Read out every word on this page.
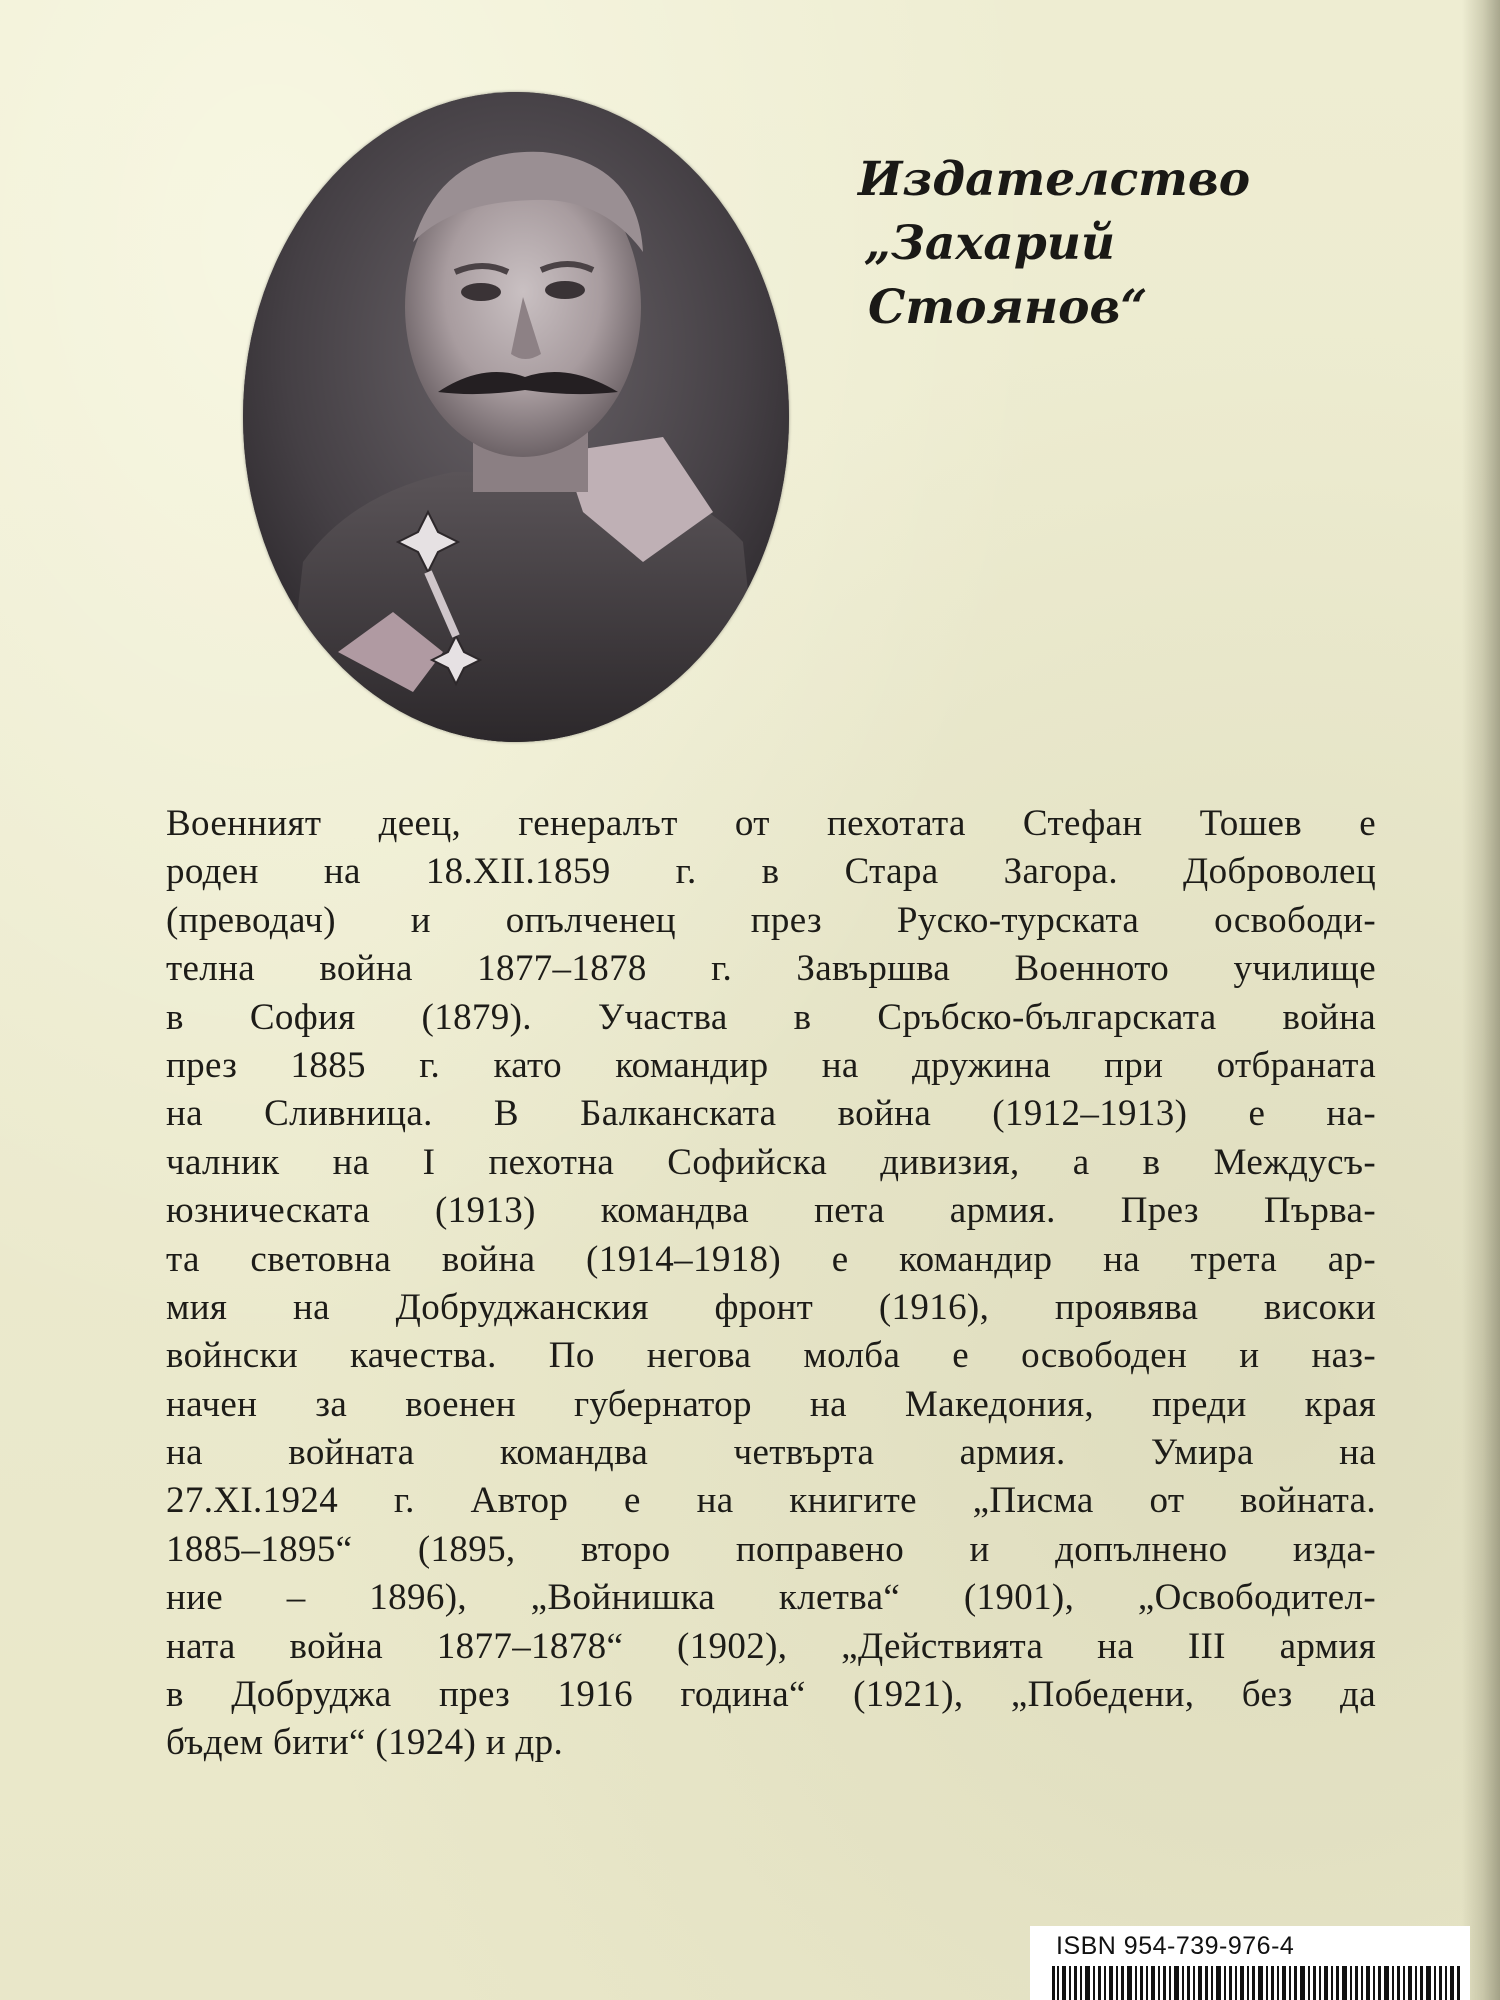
Издателство
„Захарий
Стоянов“
Военният деец, генералът от пехотата Стефан Тошев е
роден на 18.XII.1859 г. в Стара Загора. Доброволец
(преводач) и опълченец през Руско-турската освободи-
телна война 1877–1878 г. Завършва Военното училище
в София (1879). Участва в Сръбско-българската война
през 1885 г. като командир на дружина при отбраната
на Сливница. В Балканската война (1912–1913) е на-
чалник на I пехотна Софийска дивизия, а в Междусъ-
юзническата (1913) командва пета армия. През Първа-
та световна война (1914–1918) е командир на трета ар-
мия на Добруджанския фронт (1916), проявява високи
войнски качества. По негова молба е освободен и наз-
начен за военен губернатор на Македония, преди края
на войната командва четвърта армия. Умира на
27.XI.1924 г. Автор е на книгите „Писма от войната.
1885–1895“ (1895, второ поправено и допълнено изда-
ние – 1896), „Войнишка клетва“ (1901), „Освободител-
ната война 1877–1878“ (1902), „Действията на III армия
в Добруджа през 1916 година“ (1921), „Победени, без да
бъдем бити“ (1924) и др.
ISBN 954-739-976-4
